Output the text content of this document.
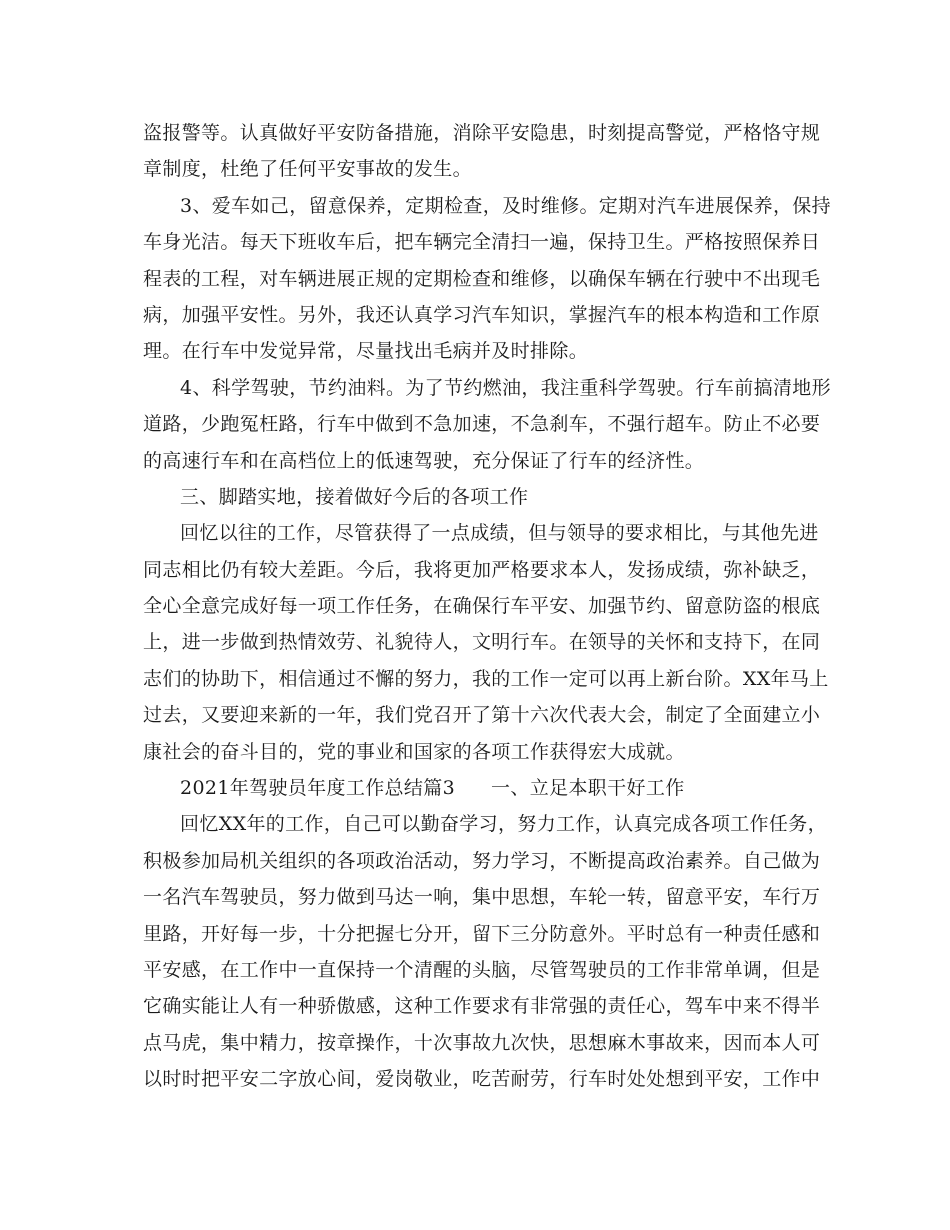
盗报警等。认真做好平安防备措施，消除平安隐患，时刻提高警觉，严格恪守规
章制度，杜绝了任何平安事故的发生。
3、爱车如己，留意保养，定期检查，及时维修。定期对汽车进展保养，保持
车身光洁。每天下班收车后，把车辆完全清扫一遍，保持卫生。严格按照保养日
程表的工程，对车辆进展正规的定期检查和维修，以确保车辆在行驶中不出现毛
病，加强平安性。另外，我还认真学习汽车知识，掌握汽车的根本构造和工作原
理。在行车中发觉异常，尽量找出毛病并及时排除。
4、科学驾驶，节约油料。为了节约燃油，我注重科学驾驶。行车前搞清地形
道路，少跑冤枉路，行车中做到不急加速，不急刹车，不强行超车。防止不必要
的高速行车和在高档位上的低速驾驶，充分保证了行车的经济性。
三、脚踏实地，接着做好今后的各项工作
回忆以往的工作，尽管获得了一点成绩，但与领导的要求相比，与其他先进
同志相比仍有较大差距。今后，我将更加严格要求本人，发扬成绩，弥补缺乏，
全心全意完成好每一项工作任务，在确保行车平安、加强节约、留意防盗的根底
上，进一步做到热情效劳、礼貌待人，文明行车。在领导的关怀和支持下，在同
志们的协助下，相信通过不懈的努力，我的工作一定可以再上新台阶。XX年马上
过去，又要迎来新的一年，我们党召开了第十六次代表大会，制定了全面建立小
康社会的奋斗目的，党的事业和国家的各项工作获得宏大成就。
2021年驾驶员年度工作总结篇3 一、立足本职干好工作
回忆XX年的工作，自己可以勤奋学习，努力工作，认真完成各项工作任务，
积极参加局机关组织的各项政治活动，努力学习，不断提高政治素养。自己做为
一名汽车驾驶员，努力做到马达一响，集中思想，车轮一转，留意平安，车行万
里路，开好每一步，十分把握七分开，留下三分防意外。平时总有一种责任感和
平安感，在工作中一直保持一个清醒的头脑，尽管驾驶员的工作非常单调，但是
它确实能让人有一种骄傲感，这种工作要求有非常强的责任心，驾车中来不得半
点马虎，集中精力，按章操作，十次事故九次快，思想麻木事故来，因而本人可
以时时把平安二字放心间，爱岗敬业，吃苦耐劳，行车时处处想到平安，工作中
